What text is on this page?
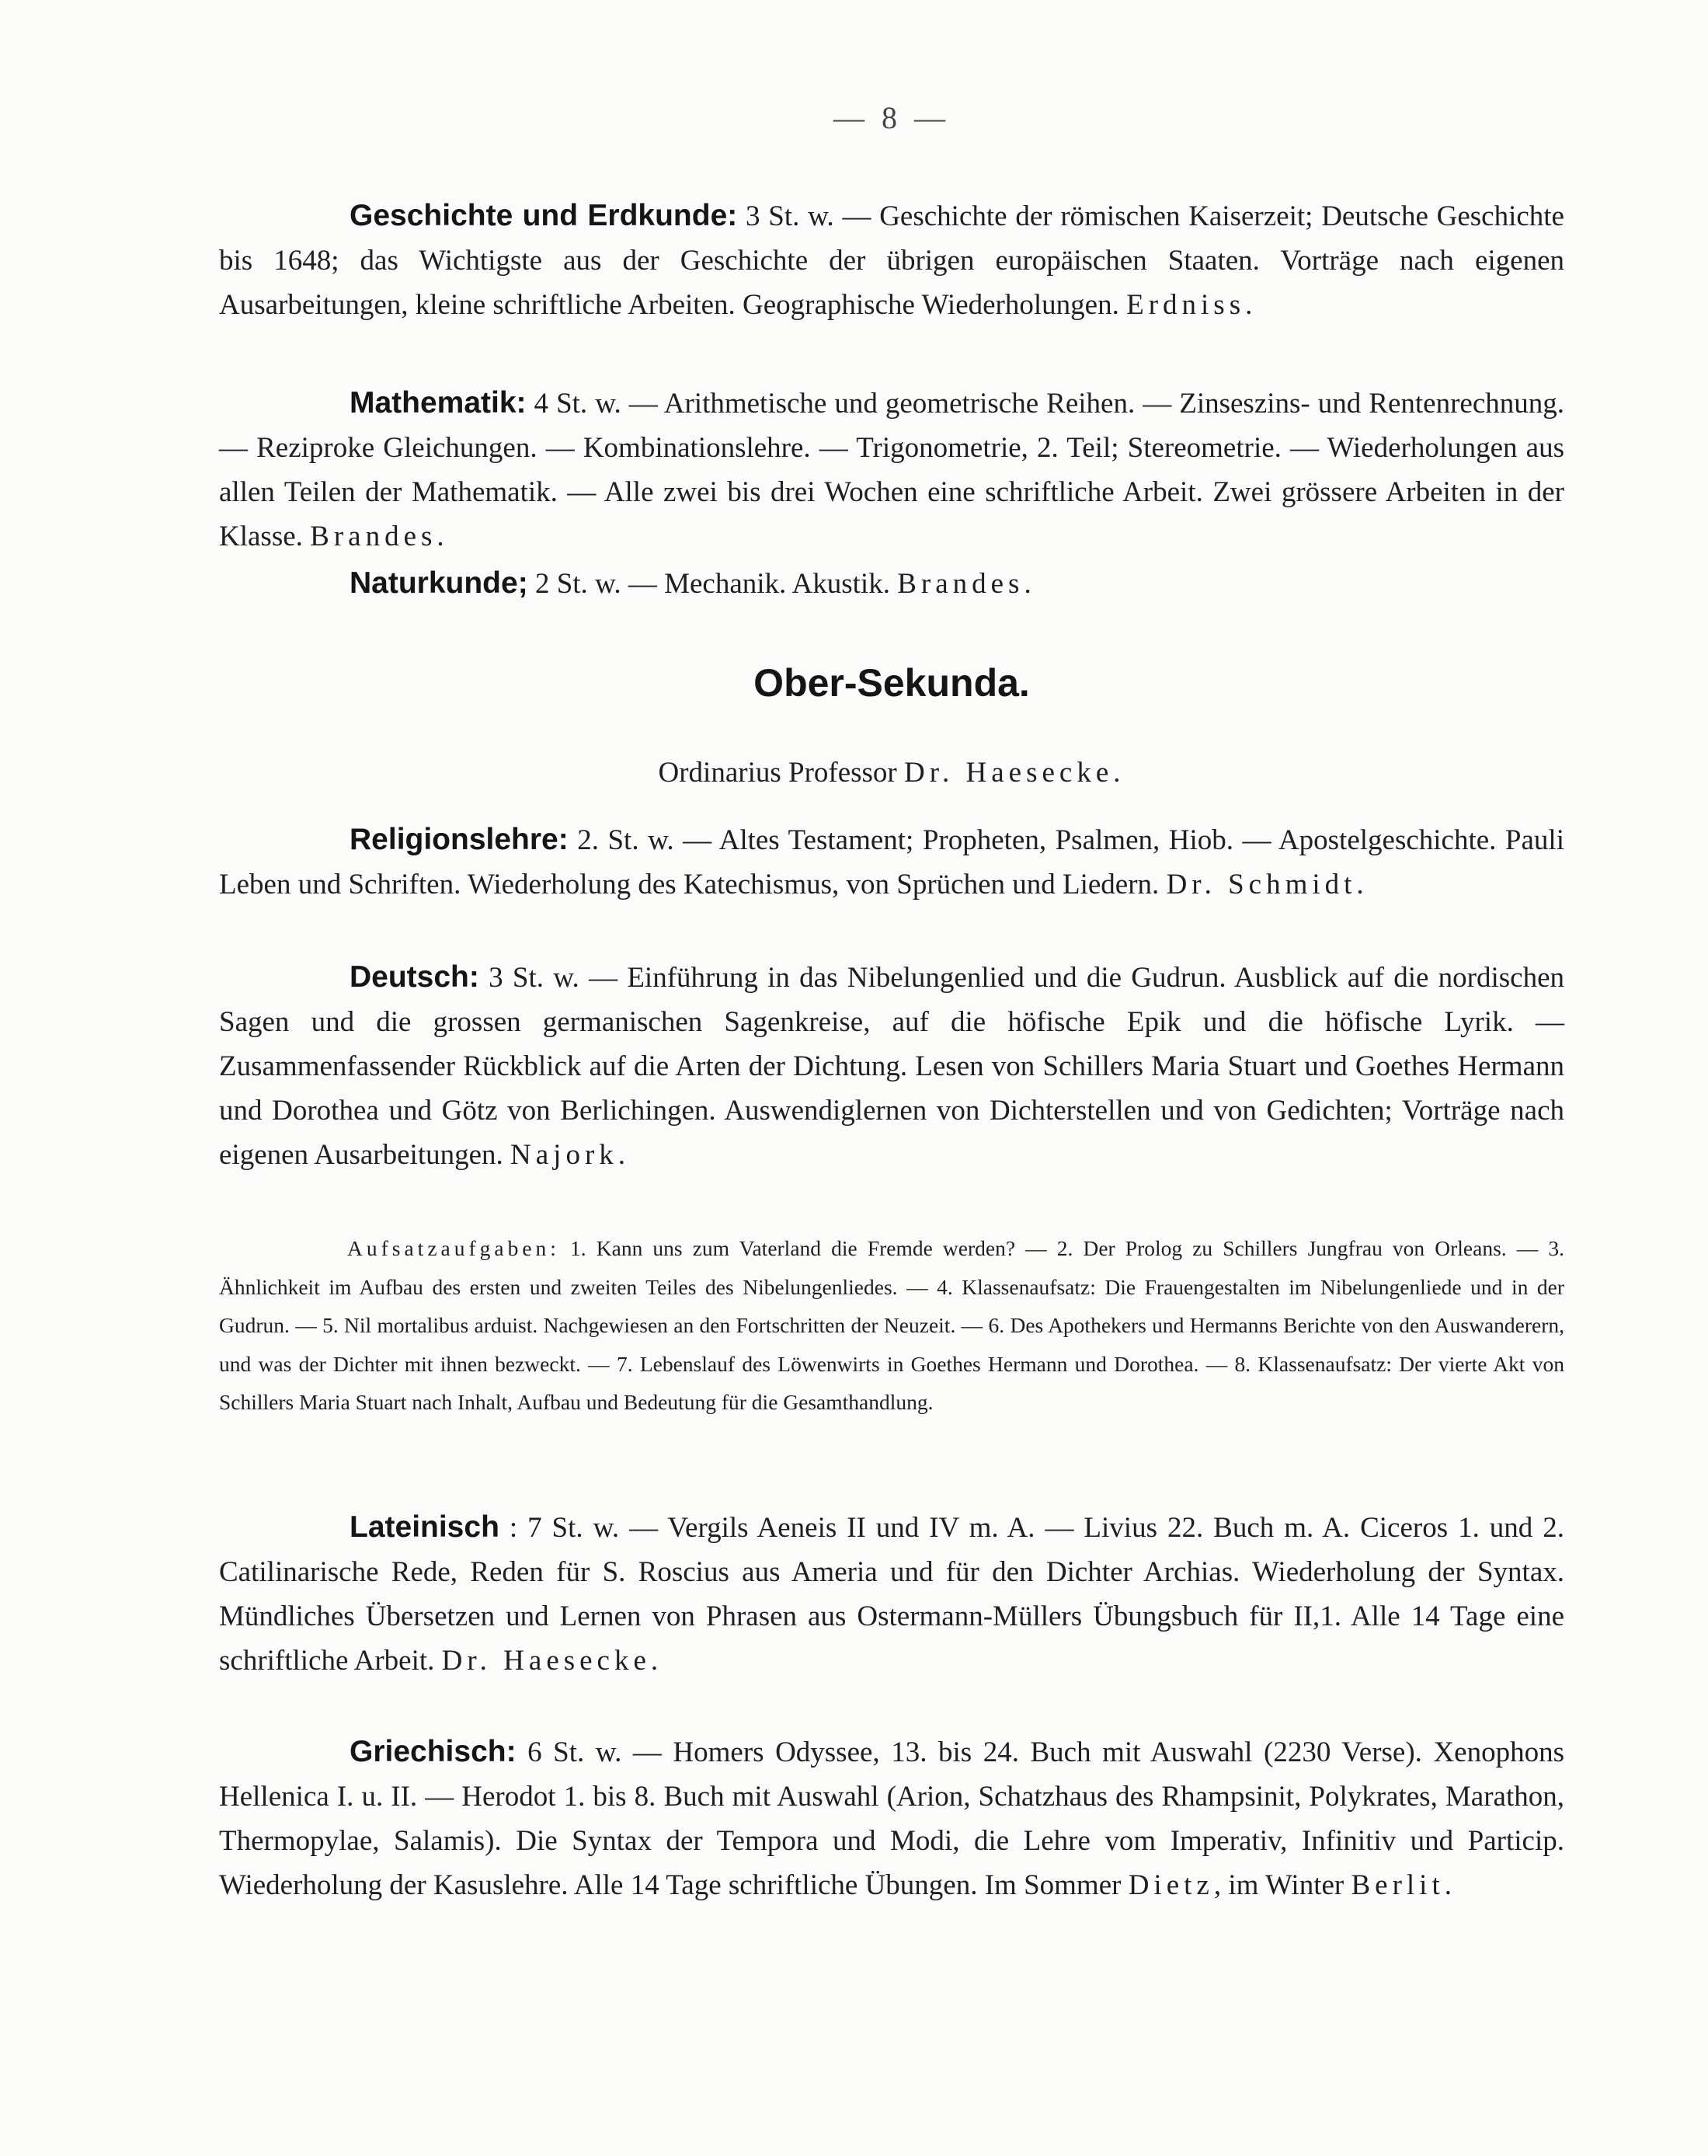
— 8 —

Geschichte und Erdkunde: 3 St. w. — Geschichte der römischen Kaiserzeit; Deutsche Geschichte bis 1648; das Wichtigste aus der Geschichte der übrigen europäischen Staaten. Vorträge nach eigenen Ausarbeitungen, kleine schriftliche Arbeiten. Geographische Wiederholungen. Erdniss.

Mathematik: 4 St. w. — Arithmetische und geometrische Reihen. — Zinseszins- und Rentenrechnung. — Reziproke Gleichungen. — Kombinationslehre. — Trigonometrie, 2. Teil; Stereometrie. — Wiederholungen aus allen Teilen der Mathematik. — Alle zwei bis drei Wochen eine schriftliche Arbeit. Zwei grössere Arbeiten in der Klasse. Brandes.

Naturkunde; 2 St. w. — Mechanik. Akustik. Brandes.

Ober-Sekunda.
Ordinarius Professor Dr. Haesecke.

Religionslehre: 2. St. w. — Altes Testament; Propheten, Psalmen, Hiob. — Apostelgeschichte. Pauli Leben und Schriften. Wiederholung des Katechismus, von Sprüchen und Liedern. Dr. Schmidt.

Deutsch: 3 St. w. — Einführung in das Nibelungenlied und die Gudrun. Ausblick auf die nordischen Sagen und die grossen germanischen Sagenkreise, auf die höfische Epik und die höfische Lyrik. — Zusammenfassender Rückblick auf die Arten der Dichtung. Lesen von Schillers Maria Stuart und Goethes Hermann und Dorothea und Götz von Berlichingen. Auswendiglernen von Dichterstellen und von Gedichten; Vorträge nach eigenen Ausarbeitungen. Najork.

Aufsatzaufgaben: 1. Kann uns zum Vaterland die Fremde werden? — 2. Der Prolog zu Schillers Jungfrau von Orleans. — 3. Ähnlichkeit im Aufbau des ersten und zweiten Teiles des Nibelungenliedes. — 4. Klassenaufsatz: Die Frauengestalten im Nibelungenliede und in der Gudrun. — 5. Nil mortalibus arduist. Nachgewiesen an den Fortschritten der Neuzeit. — 6. Des Apothekers und Hermanns Berichte von den Auswanderern, und was der Dichter mit ihnen bezweckt. — 7. Lebenslauf des Löwenwirts in Goethes Hermann und Dorothea. — 8. Klassenaufsatz: Der vierte Akt von Schillers Maria Stuart nach Inhalt, Aufbau und Bedeutung für die Gesamthandlung.

Lateinisch : 7 St. w. — Vergils Aeneis II und IV m. A. — Livius 22. Buch m. A. Ciceros 1. und 2. Catilinarische Rede, Reden für S. Roscius aus Ameria und für den Dichter Archias. Wiederholung der Syntax. Mündliches Übersetzen und Lernen von Phrasen aus Ostermann-Müllers Übungsbuch für II,1. Alle 14 Tage eine schriftliche Arbeit. Dr. Haesecke.

Griechisch: 6 St. w. — Homers Odyssee, 13. bis 24. Buch mit Auswahl (2230 Verse). Xenophons Hellenica I. u. II. — Herodot 1. bis 8. Buch mit Auswahl (Arion, Schatzhaus des Rhampsinit, Polykrates, Marathon, Thermopylae, Salamis). Die Syntax der Tempora und Modi, die Lehre vom Imperativ, Infinitiv und Particip. Wiederholung der Kasuslehre. Alle 14 Tage schriftliche Übungen. Im Sommer Dietz, im Winter Berlit.
